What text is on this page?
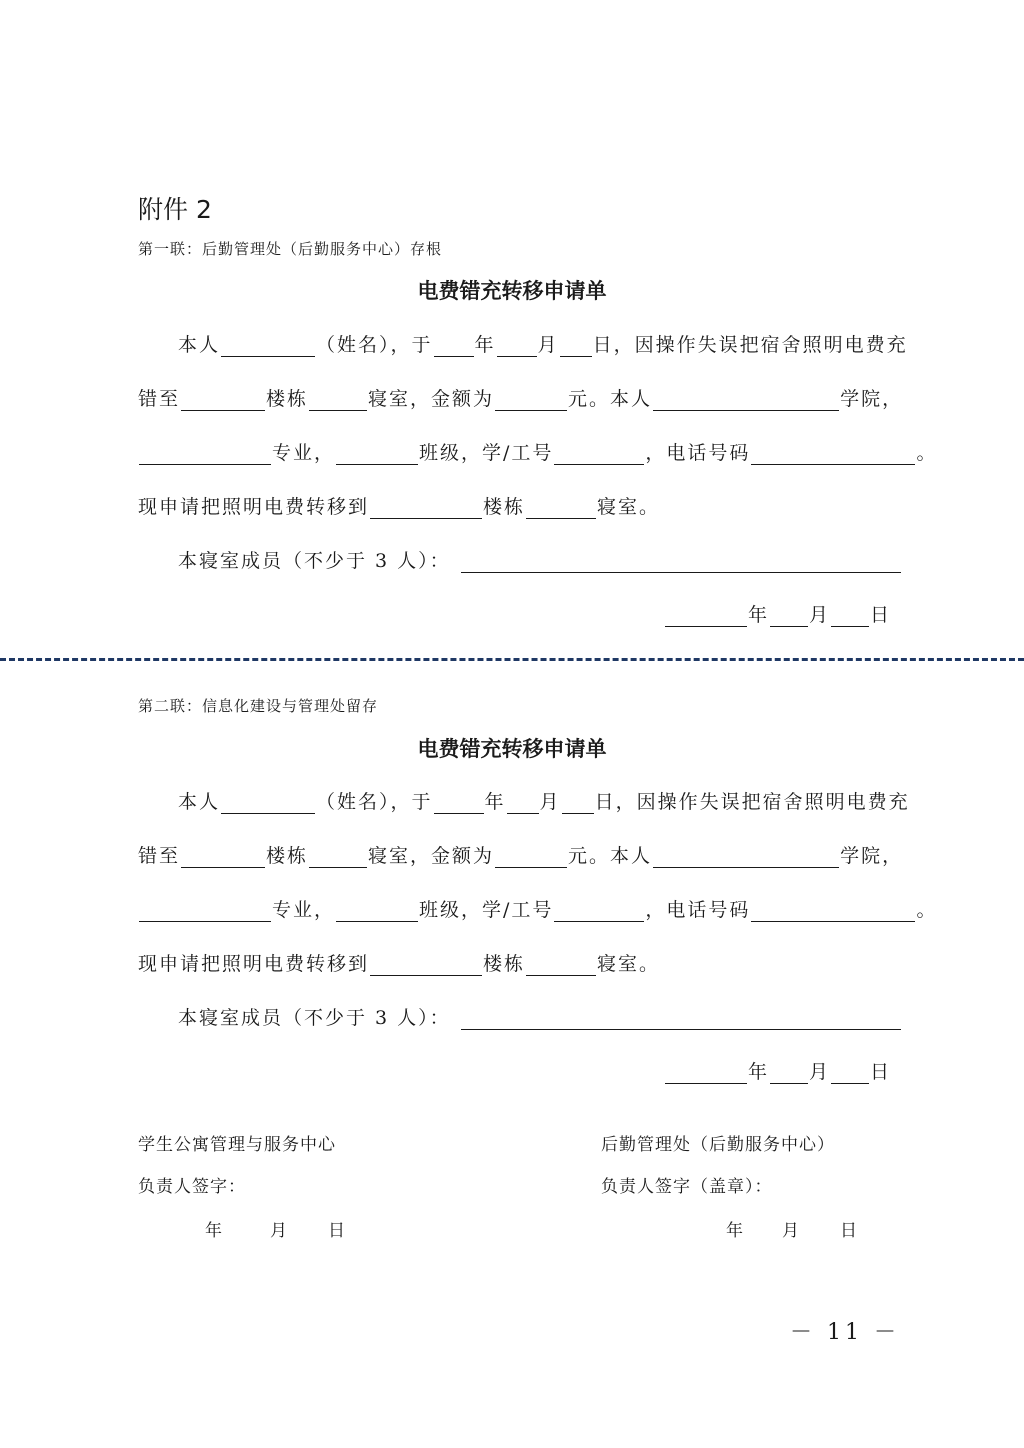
附件 2
第一联：后勤管理处（后勤服务中心）存根
电费错充转移申请单
本人	（姓名），于 年 月 日，因操作失误把宿舍照明电费充
错至	楼栋	寝室，金额为	元。本人	学院，
专业，	班级，学/工号	，电话号码	。
现申请把照明电费转移到	楼栋	寝室。
本寝室成员（不少于 3 人）：
年 月 日
第二联：信息化建设与管理处留存
电费错充转移申请单
本人	（姓名），于	年 月 日，因操作失误把宿舍照明电费充
错至	楼栋	寝室，金额为	元。本人	学院，
专业，	班级，学/工号	，电话号码	。
现申请把照明电费转移到	楼栋	寝室。
本寝室成员（不少于 3 人）：
年 月 日
学生公寓管理与服务中心
负责人签字：
年	月 日
后勤管理处（后勤服务中心）
负责人签字（盖章）：
年 月 日
－ 11 －
